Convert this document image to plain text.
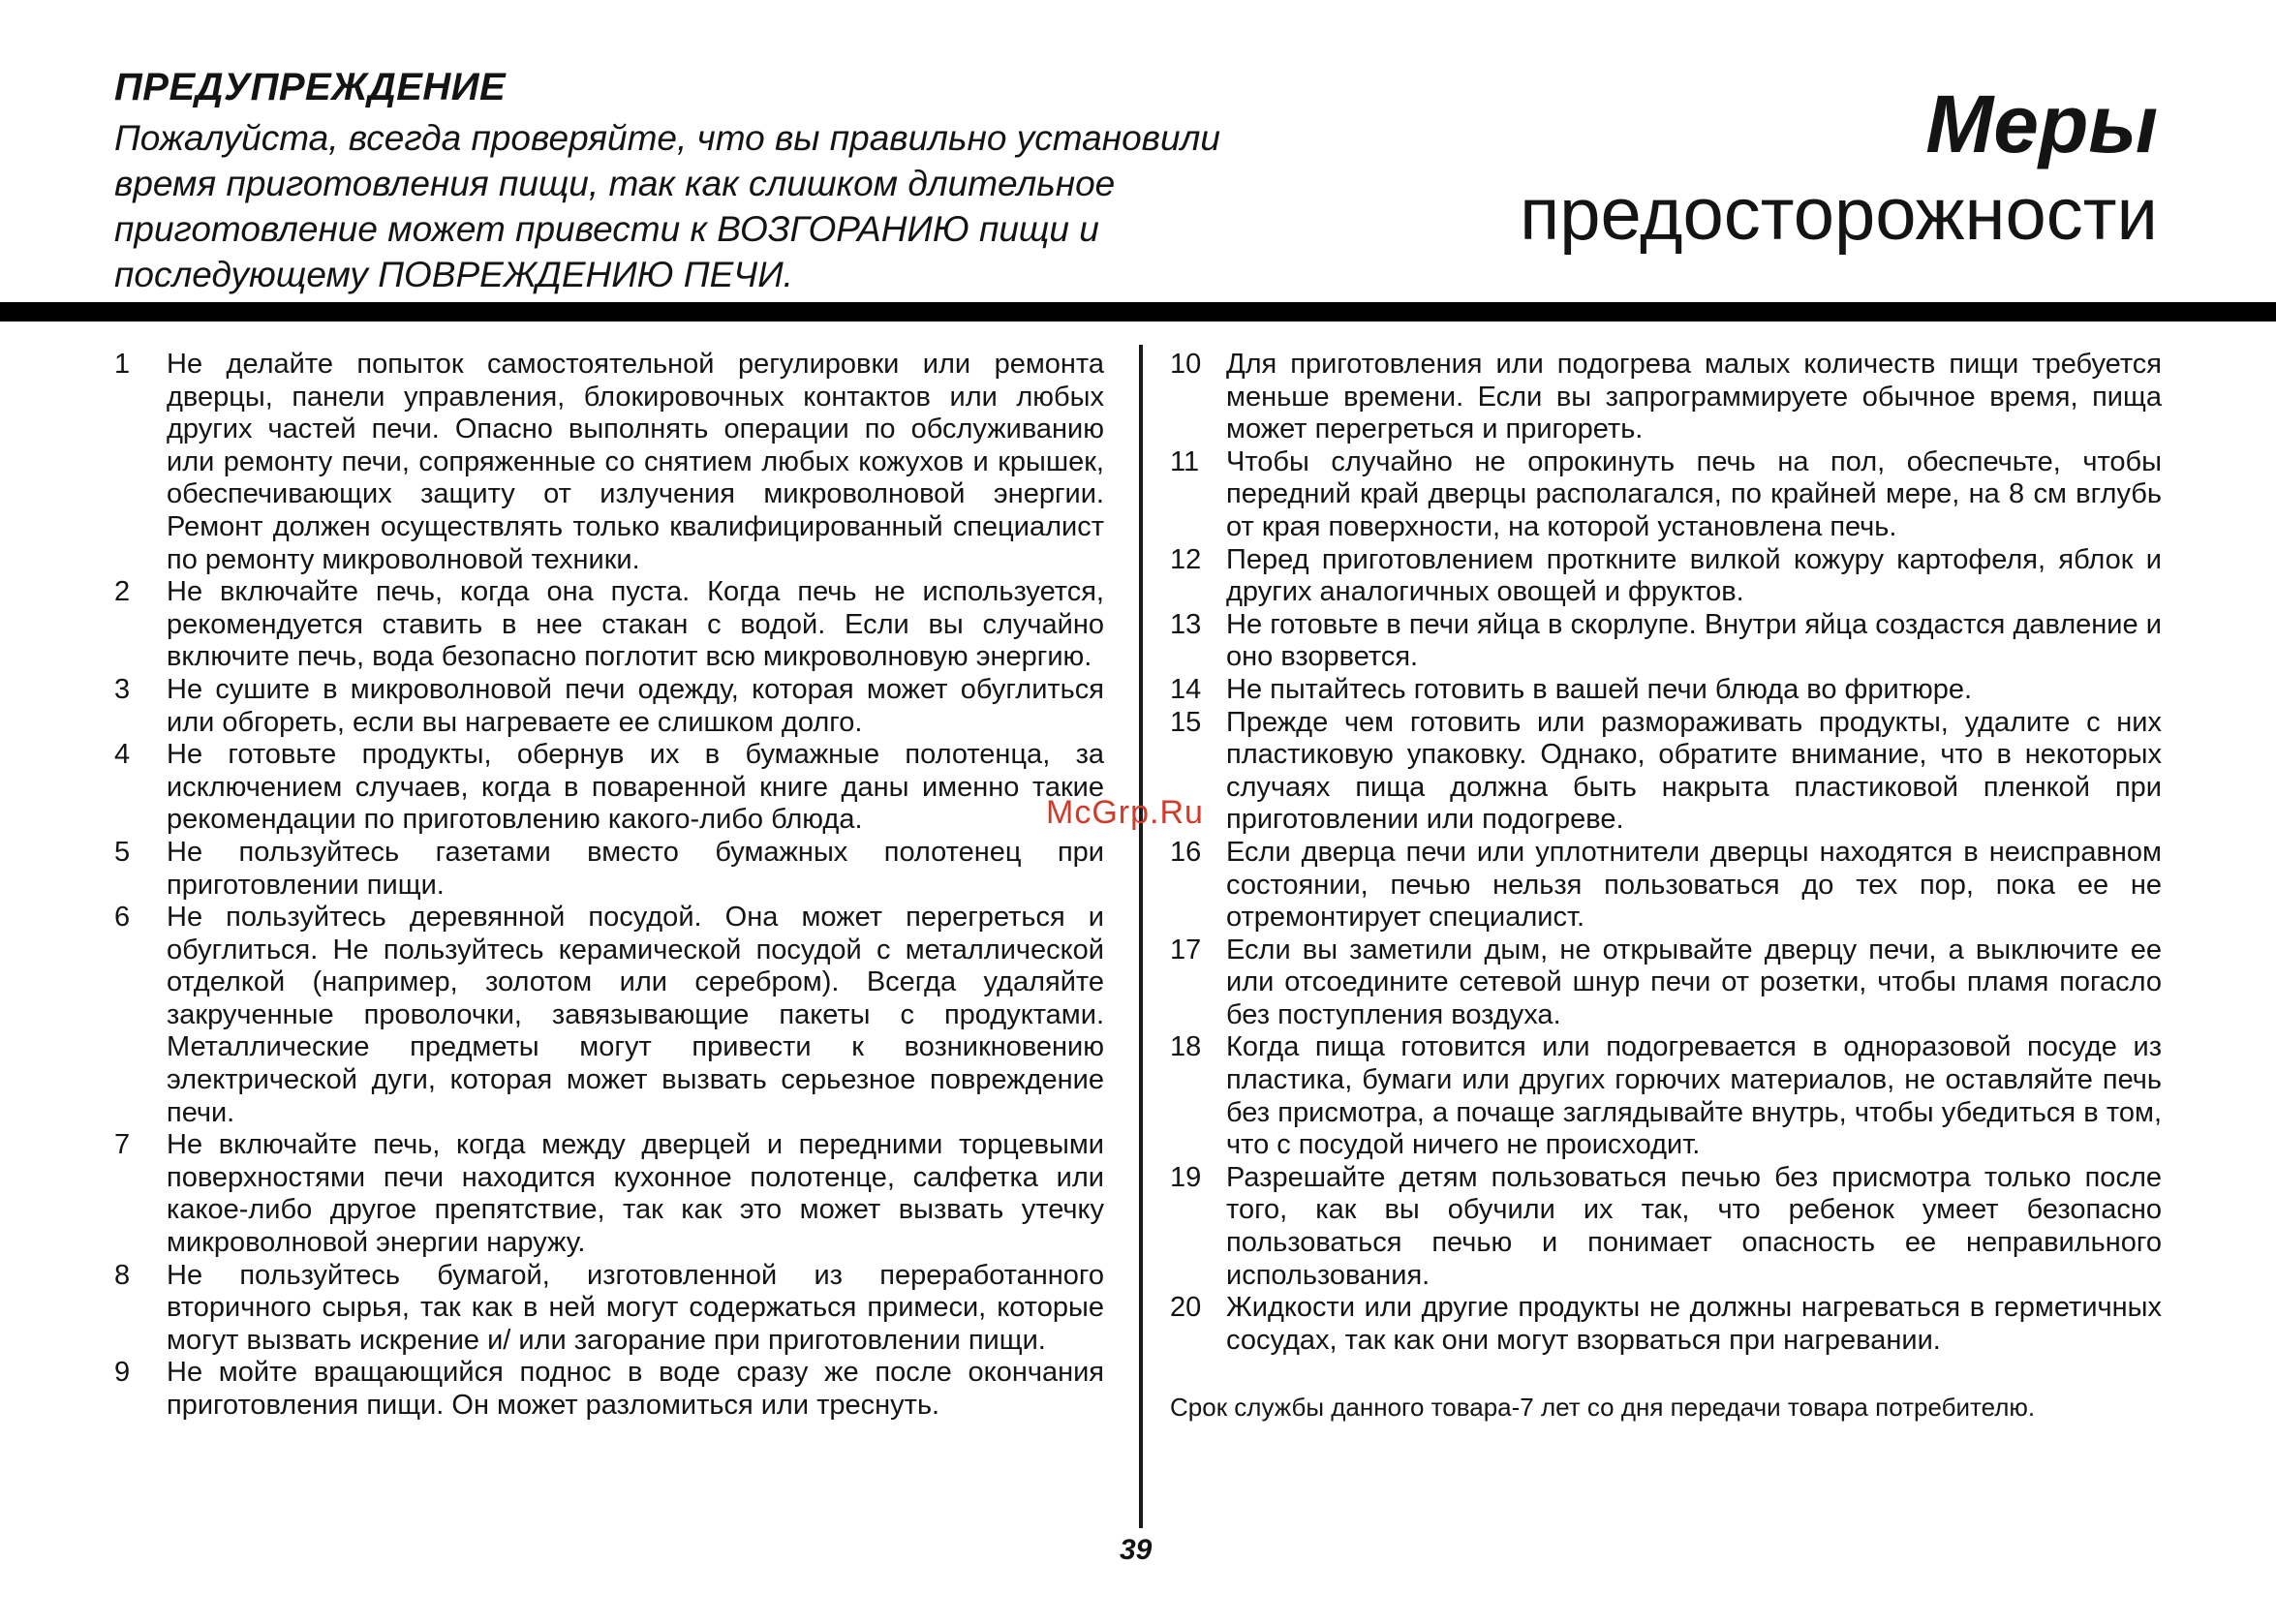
ПРЕДУПРЕЖДЕНИЕ

Пожалуйста, всегда проверяйте, что вы правильно установили время приготовления пищи, так как слишком длительное приготовление может привести к ВОЗГОРАНИЮ пищи и последующему ПОВРЕЖДЕНИЮ ПЕЧИ.

Меры

предосторожности

1	Не делайте попыток самостоятельной регулировки или ремонта дверцы, панели управления, блокировочных контактов или любых других частей печи. Опасно выполнять операции по обслуживанию или ремонту печи, сопряженные со снятием любых кожухов и крышек, обеспечивающих защиту от излучения микроволновой энергии. Ремонт должен осуществлять только квалифицированный специалист по ремонту микроволновой техники.
2	Не включайте печь, когда она пуста. Когда печь не используется, рекомендуется ставить в нее стакан с водой. Если вы случайно включите печь, вода безопасно поглотит всю микроволновую энергию.
3	Не сушите в микроволновой печи одежду, которая может обуглиться или обгореть, если вы нагреваете ее слишком долго.
4	Не готовьте продукты, обернув их в бумажные полотенца, за исключением случаев, когда в поваренной книге даны именно такие рекомендации по приготовлению какого-либо блюда.
5	Не пользуйтесь газетами вместо бумажных полотенец при приготовлении пищи.
6	Не пользуйтесь деревянной посудой. Она может перегреться и обуглиться. Не пользуйтесь керамической посудой с металлической отделкой (например, золотом или серебром). Всегда удаляйте закрученные проволочки, завязывающие пакеты с продуктами. Металлические предметы могут привести к возникновению электрической дуги, которая может вызвать серьезное повреждение печи.
7	Не включайте печь, когда между дверцей и передними торцевыми поверхностями печи находится кухонное полотенце, салфетка или какое-либо другое препятствие, так как это может вызвать утечку микроволновой энергии наружу.
8	Не пользуйтесь бумагой, изготовленной из переработанного вторичного сырья, так как в ней могут содержаться примеси, которые могут вызвать искрение и/ или загорание при приготовлении пищи.
9	Не мойте вращающийся поднос в воде сразу же после окончания приготовления пищи. Он может разломиться или треснуть.
10 Для приготовления или подогрева малых количеств пищи требуется меньше времени. Если вы запрограммируете обычное время, пища может перегреться и пригореть.
11 Чтобы случайно не опрокинуть печь на пол, обеспечьте, чтобы передний край дверцы располагался, по крайней мере, на 8 см вглубь от края поверхности, на которой установлена печь.
12 Перед приготовлением проткните вилкой кожуру картофеля, яблок и других аналогичных овощей и фруктов.
13 Не готовьте в печи яйца в скорлупе. Внутри яйца создастся давление и оно взорвется.
14 Не пытайтесь готовить в вашей печи блюда во фритюре.
15 Прежде чем готовить или размораживать продукты, удалите с них пластиковую упаковку. Однако, обратите внимание, что в некоторых случаях пища должна быть накрыта пластиковой пленкой при приготовлении или подогреве.
16 Если дверца печи или уплотнители дверцы находятся в неисправном состоянии, печью нельзя пользоваться до тех пор, пока ее не отремонтирует специалист.
17 Если вы заметили дым, не открывайте дверцу печи, а выключите ее или отсоедините сетевой шнур печи от розетки, чтобы пламя погасло без поступления воздуха.
18 Когда пища готовится или подогревается в одноразовой посуде из пластика, бумаги или других горючих материалов, не оставляйте печь без присмотра, а почаще заглядывайте внутрь, чтобы убедиться в том, что с посудой ничего не происходит.
19 Разрешайте детям пользоваться печью без присмотра только после того, как вы обучили их так, что ребенок умеет безопасно пользоваться печью и понимает опасность ее неправильного использования.
20 Жидкости или другие продукты не должны нагреваться в герметичных сосудах, так как они могут взорваться при нагревании.

Срок службы данного товара-7 лет со дня передачи товара потребителю.

McGrp.Ru
39
